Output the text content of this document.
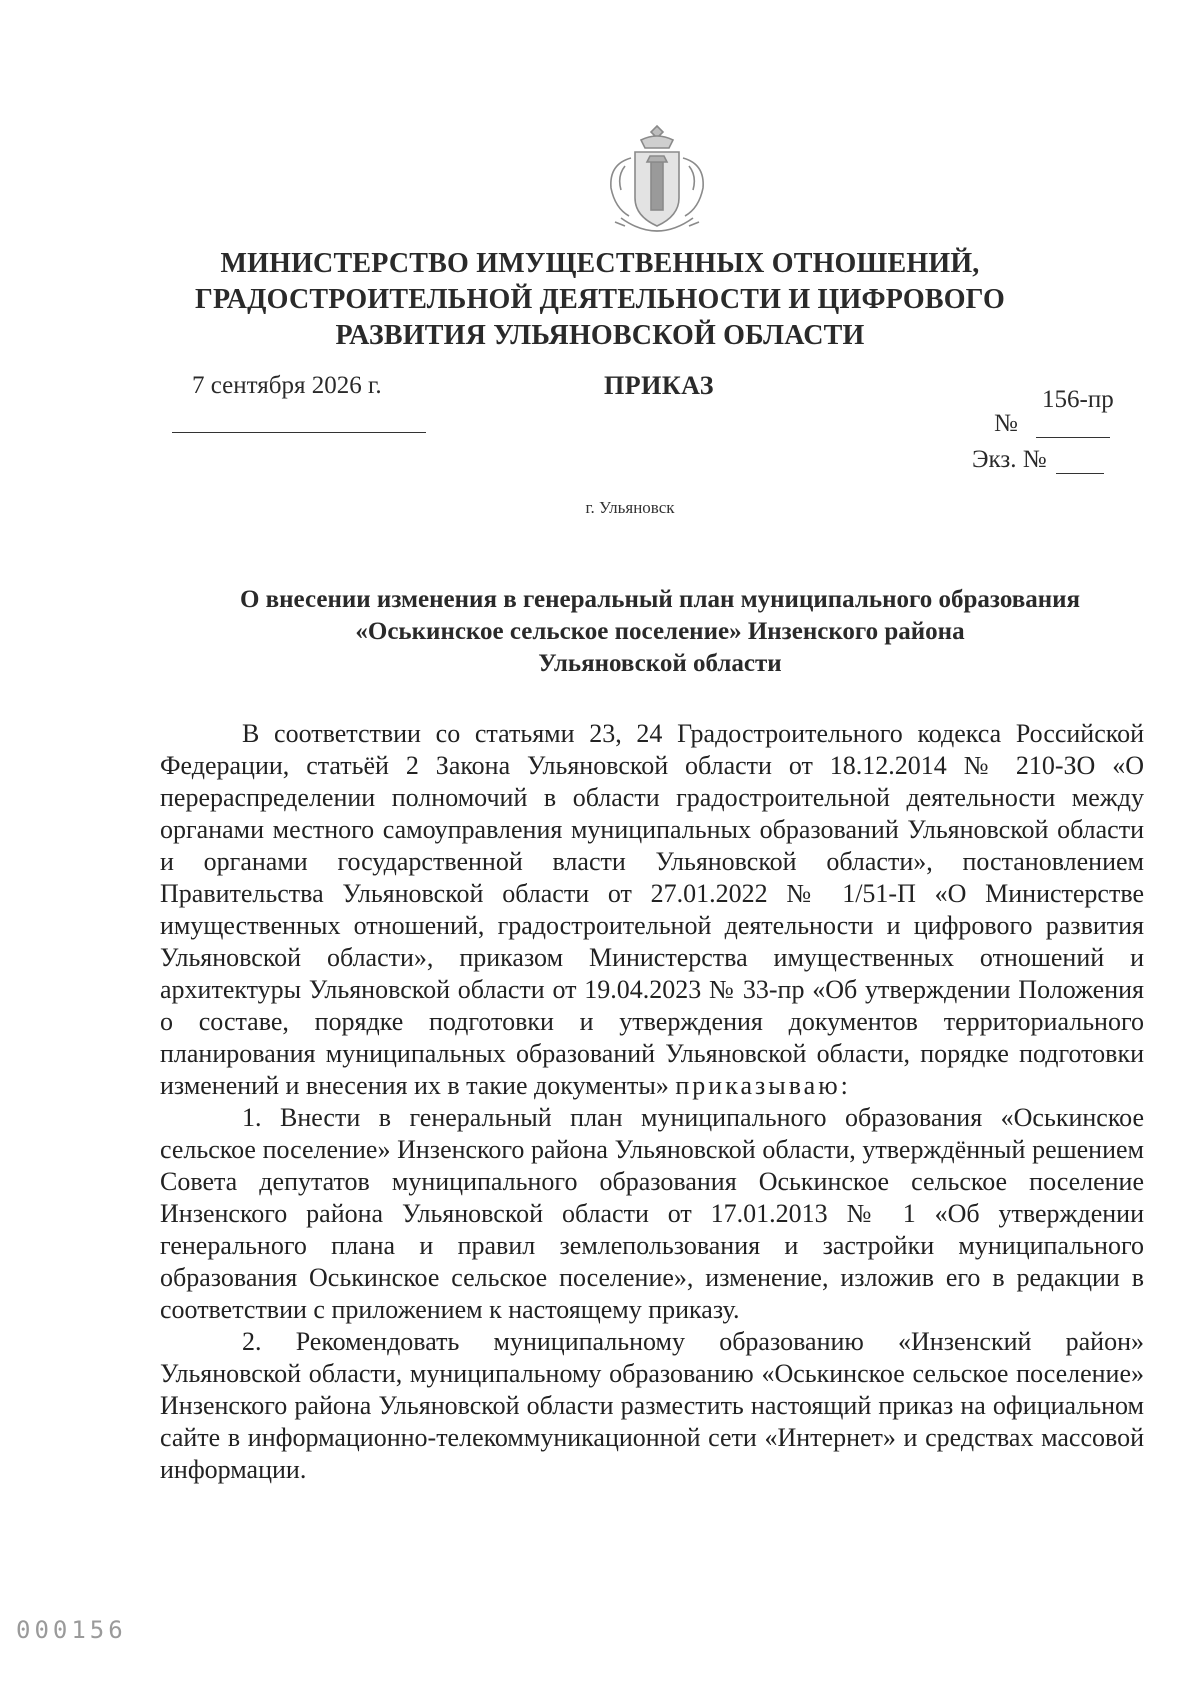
МИНИСТЕРСТВО ИМУЩЕСТВЕННЫХ ОТНОШЕНИЙ,
ГРАДОСТРОИТЕЛЬНОЙ ДЕЯТЕЛЬНОСТИ И ЦИФРОВОГО
РАЗВИТИЯ УЛЬЯНОВСКОЙ ОБЛАСТИ
7 сентября 2026 г.	ПРИКАЗ	156-пр
№
Экз. №
г. Ульяновск
О внесении изменения в генеральный план муниципального образования
«Оськинское сельское поселение» Инзенского района
Ульяновской области

В соответствии со статьями 23, 24 Градостроительного кодекса Российской Федерации, статьёй 2 Закона Ульяновской области от 18.12.2014 № 210-ЗО «О перераспределении полномочий в области градостроительной деятельности между органами местного самоуправления муниципальных образований Ульяновской области и органами государственной власти Ульяновской области», постановлением Правительства Ульяновской области от 27.01.2022 № 1/51-П «О Министерстве имущественных отношений, градостроительной деятельности и цифрового развития Ульяновской области», приказом Министерства имущественных отношений и архитектуры Ульяновской области от 19.04.2023 № 33-пр «Об утверждении Положения о составе, порядке подготовки и утверждения документов территориального планирования муниципальных образований Ульяновской области, порядке подготовки изменений и внесения их в такие документы» приказываю:

1. Внести в генеральный план муниципального образования «Оськинское сельское поселение» Инзенского района Ульяновской области, утверждённый решением Совета депутатов муниципального образования Оськинское сельское поселение Инзенского района Ульяновской области от 17.01.2013 № 1 «Об утверждении генерального плана и правил землепользования и застройки муниципального образования Оськинское сельское поселение», изменение, изложив его в редакции в соответствии с приложением к настоящему приказу.

2. Рекомендовать муниципальному образованию «Инзенский район» Ульяновской области, муниципальному образованию «Оськинское сельское поселение» Инзенского района Ульяновской области разместить настоящий приказ на официальном сайте в информационно-телекоммуникационной сети «Интернет» и средствах массовой информации.

000156
